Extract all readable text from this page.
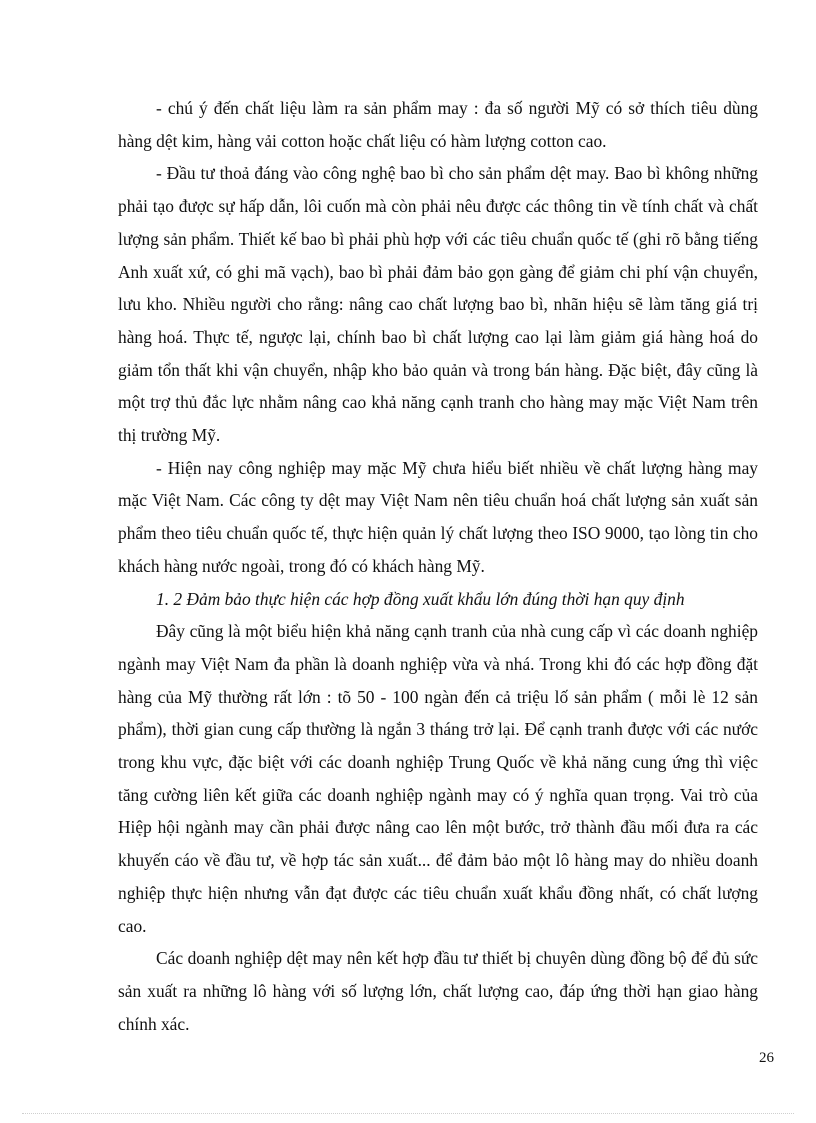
- chú ý đến chất liệu làm ra sản phẩm may : đa số người Mỹ có sở thích tiêu dùng hàng dệt kim, hàng vải cotton hoặc chất liệu có hàm lượng cotton cao.

- Đầu tư thoả đáng vào công nghệ bao bì cho sản phẩm dệt may. Bao bì không những phải tạo được sự hấp dẫn, lôi cuốn mà còn phải nêu được các thông tin về tính chất và chất lượng sản phẩm. Thiết kế bao bì phải phù hợp với các tiêu chuẩn quốc tế (ghi rõ bằng tiếng Anh xuất xứ, có ghi mã vạch), bao bì phải đảm bảo gọn gàng để giảm chi phí vận chuyển, lưu kho. Nhiều người cho rằng: nâng cao chất lượng bao bì, nhãn hiệu sẽ làm tăng giá trị hàng hoá. Thực tế, ngược lại, chính bao bì chất lượng cao lại làm giảm giá hàng hoá do giảm tổn thất khi vận chuyển, nhập kho bảo quản và trong bán hàng. Đặc biệt, đây cũng là một trợ thủ đắc lực nhằm nâng cao khả năng cạnh tranh cho hàng may mặc Việt Nam trên thị trường Mỹ.

- Hiện nay công nghiệp may mặc Mỹ chưa hiểu biết nhiều về chất lượng hàng may mặc Việt Nam. Các công ty dệt may Việt Nam nên tiêu chuẩn hoá chất lượng sản xuất sản phẩm theo tiêu chuẩn quốc tế, thực hiện quản lý chất lượng theo ISO 9000, tạo lòng tin cho khách hàng nước ngoài, trong đó có khách hàng Mỹ.

1. 2 Đảm bảo thực hiện các hợp đồng xuất khẩu lớn đúng thời hạn quy định

Đây cũng là một biểu hiện khả năng cạnh tranh của nhà cung cấp vì các doanh nghiệp ngành may Việt Nam đa phần là doanh nghiệp vừa và nhá. Trong khi đó các hợp đồng đặt hàng của Mỹ thường rất lớn : tõ 50 - 100 ngàn đến cả triệu lố sản phẩm ( mỗi lè 12 sản phẩm), thời gian cung cấp thường là ngắn 3 tháng trở lại. Để cạnh tranh được với các nước trong khu vực, đặc biệt với các doanh nghiệp Trung Quốc về khả năng cung ứng thì việc tăng cường liên kết giữa các doanh nghiệp ngành may có ý nghĩa quan trọng. Vai trò của Hiệp hội ngành may cần phải được nâng cao lên một bước, trở thành đầu mối đưa ra các khuyến cáo về đầu tư, về hợp tác sản xuất... để đảm bảo một lô hàng may do nhiều doanh nghiệp thực hiện nhưng vẫn đạt được các tiêu chuẩn xuất khẩu đồng nhất, có chất lượng cao.

Các doanh nghiệp dệt may nên kết hợp đầu tư thiết bị chuyên dùng đồng bộ để đủ sức sản xuất ra những lô hàng với số lượng lớn, chất lượng cao, đáp ứng thời hạn giao hàng chính xác.

26
